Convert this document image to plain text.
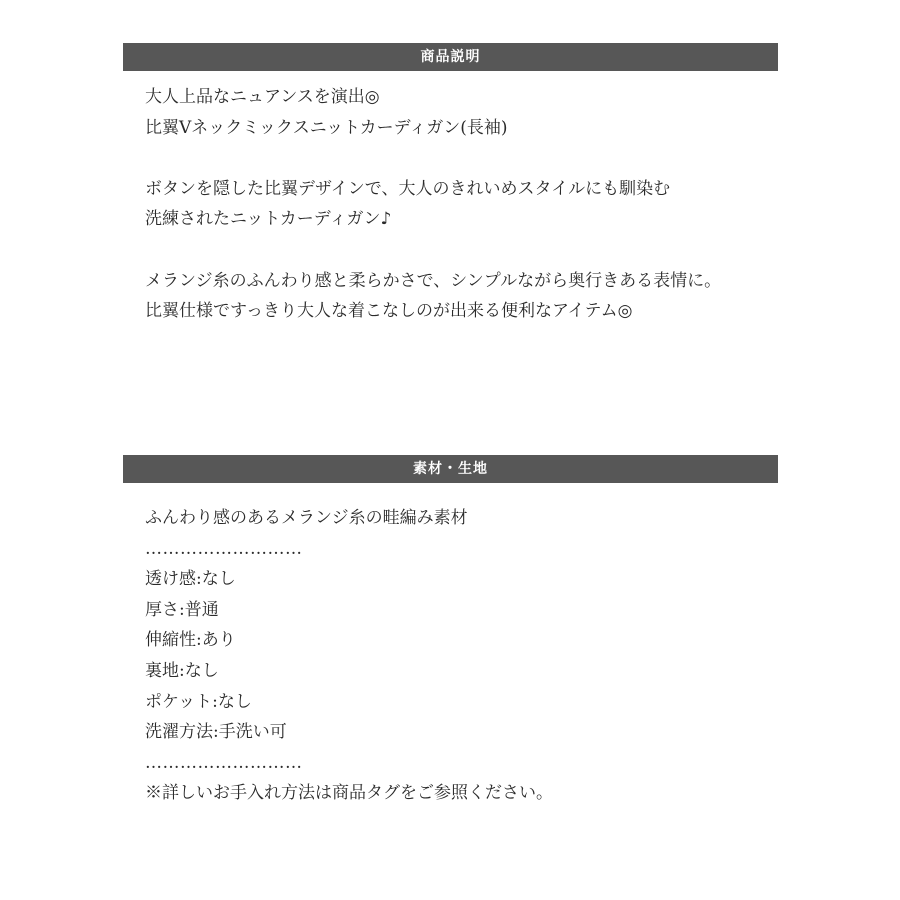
商品説明
大人上品なニュアンスを演出◎
比翼Vネックミックスニットカーディガン(長袖)
ボタンを隠した比翼デザインで、大人のきれいめスタイルにも馴染む
洗練されたニットカーディガン♪
メランジ糸のふんわり感と柔らかさで、シンプルながら奥行きある表情に。
比翼仕様ですっきり大人な着こなしのが出来る便利なアイテム◎
素材・生地
ふんわり感のあるメランジ糸の畦編み素材
………………………
透け感:なし
厚さ:普通
伸縮性:あり
裏地:なし
ポケット:なし
洗濯方法:手洗い可
………………………
※詳しいお手入れ方法は商品タグをご参照ください。
